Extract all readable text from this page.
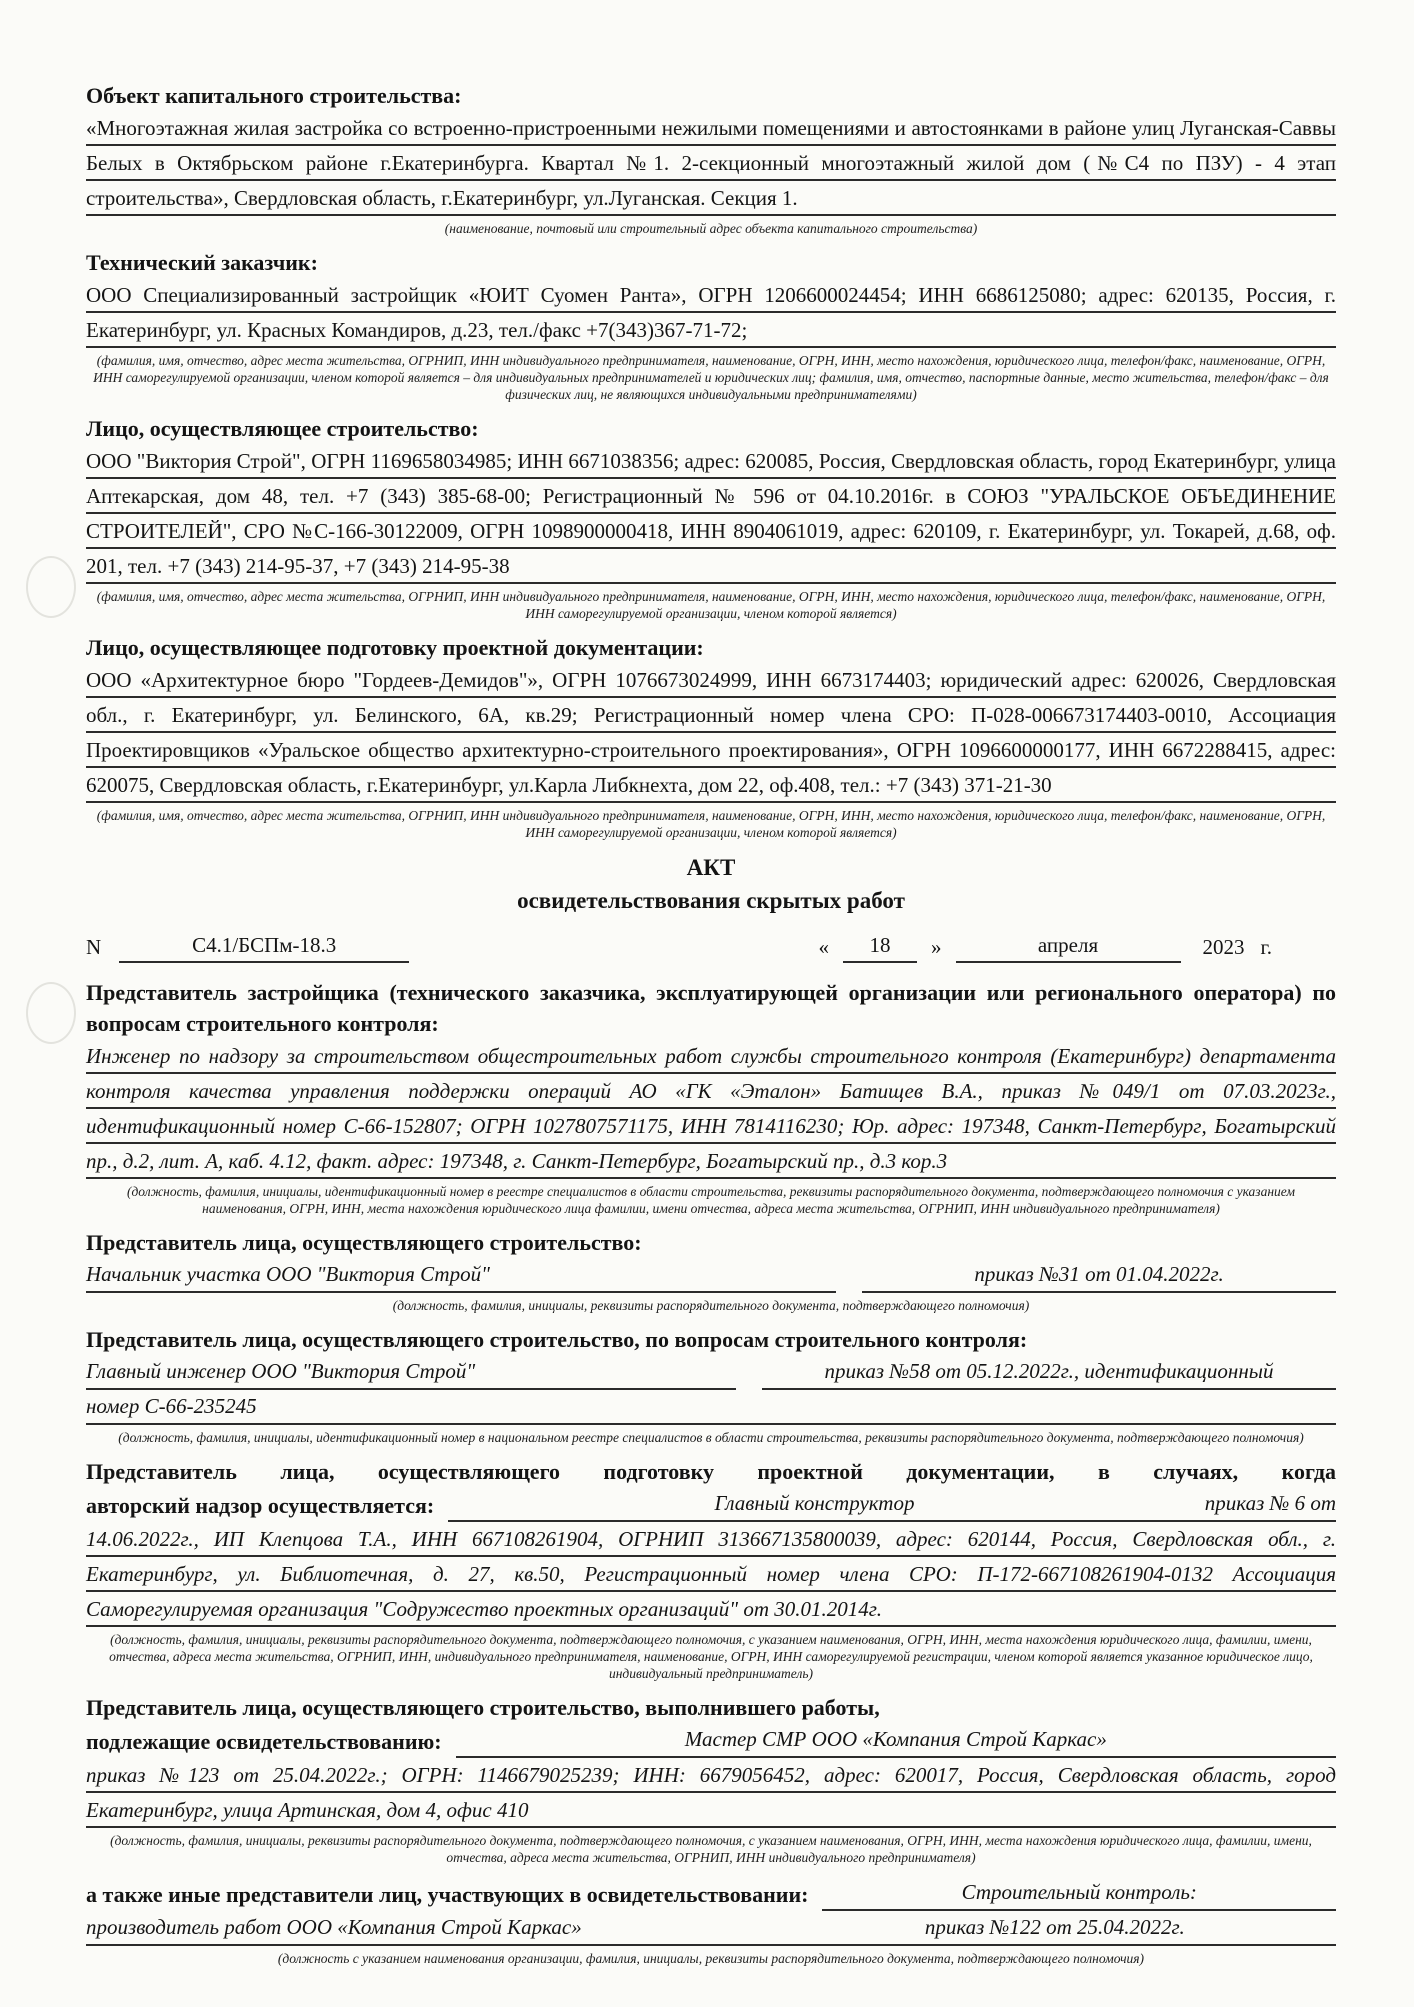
Объект капитального строительства:
«Многоэтажная жилая застройка со встроенно-пристроенными нежилыми помещениями и автостоянками в районе улиц Луганская-Саввы Белых в Октябрьском районе г.Екатеринбурга. Квартал №1. 2-секционный многоэтажный жилой дом (№С4 по ПЗУ) - 4 этап строительства», Свердловская область, г.Екатеринбург, ул.Луганская. Секция 1.
(наименование, почтовый или строительный адрес объекта капитального строительства)
Технический заказчик:
ООО Специализированный застройщик «ЮИТ Суомен Ранта», ОГРН 1206600024454; ИНН 6686125080; адрес: 620135, Россия, г. Екатеринбург, ул. Красных Командиров, д.23, тел./факс +7(343)367-71-72;
(фамилия, имя, отчество, адрес места жительства, ОГРНИП, ИНН индивидуального предпринимателя, наименование, ОГРН, ИНН, место нахождения, юридического лица, телефон/факс, наименование, ОГРН, ИНН саморегулируемой организации, членом которой является – для индивидуальных предпринимателей и юридических лиц; фамилия, имя, отчество, паспортные данные, место жительства, телефон/факс – для физических лиц, не являющихся индивидуальными предпринимателями)
Лицо, осуществляющее строительство:
ООО "Виктория Строй", ОГРН 1169658034985; ИНН 6671038356; адрес: 620085, Россия, Свердловская область, город Екатеринбург, улица Аптекарская, дом 48, тел. +7 (343) 385-68-00; Регистрационный № 596 от 04.10.2016г. в СОЮЗ "УРАЛЬСКОЕ ОБЪЕДИНЕНИЕ СТРОИТЕЛЕЙ", СРО №С-166-30122009, ОГРН 1098900000418, ИНН 8904061019, адрес: 620109, г. Екатеринбург, ул. Токарей, д.68, оф. 201, тел. +7 (343) 214-95-37, +7 (343) 214-95-38
(фамилия, имя, отчество, адрес места жительства, ОГРНИП, ИНН индивидуального предпринимателя, наименование, ОГРН, ИНН, место нахождения, юридического лица, телефон/факс, наименование, ОГРН, ИНН саморегулируемой организации, членом которой является)
Лицо, осуществляющее подготовку проектной документации:
ООО «Архитектурное бюро "Гордеев-Демидов"», ОГРН 1076673024999, ИНН 6673174403; юридический адрес: 620026, Свердловская обл., г. Екатеринбург, ул. Белинского, 6А, кв.29; Регистрационный номер члена СРО: П-028-006673174403-0010, Ассоциация Проектировщиков «Уральское общество архитектурно-строительного проектирования», ОГРН 1096600000177, ИНН 6672288415, адрес: 620075, Свердловская область, г.Екатеринбург, ул.Карла Либкнехта, дом 22, оф.408, тел.: +7 (343) 371-21-30
(фамилия, имя, отчество, адрес места жительства, ОГРНИП, ИНН индивидуального предпринимателя, наименование, ОГРН, ИНН, место нахождения, юридического лица, телефон/факс, наименование, ОГРН, ИНН саморегулируемой организации, членом которой является)
АКТ
освидетельствования скрытых работ
N	С4.1/БСПм-18.3	«	18	»	апреля	2023 г.
Представитель застройщика (технического заказчика, эксплуатирующей организации или регионального оператора) по вопросам строительного контроля:
Инженер по надзору за строительством общестроительных работ службы строительного контроля (Екатеринбург) департамента контроля качества управления поддержки операций АО «ГК «Эталон» Батищев В.А., приказ №049/1 от 07.03.2023г., идентификационный номер С-66-152807; ОГРН 1027807571175, ИНН 7814116230; Юр. адрес: 197348, Санкт-Петербург, Богатырский пр., д.2, лит. А, каб. 4.12, факт. адрес: 197348, г. Санкт-Петербург, Богатырский пр., д.3 кор.3
(должность, фамилия, инициалы, идентификационный номер в реестре специалистов в области строительства, реквизиты распорядительного документа, подтверждающего полномочия с указанием наименования, ОГРН, ИНН, места нахождения юридического лица фамилии, имени отчества, адреса места жительства, ОГРНИП, ИНН индивидуального предпринимателя)
Представитель лица, осуществляющего строительство:
Начальник участка ООО "Виктория Строй"	приказ №31 от 01.04.2022г.
(должность, фамилия, инициалы, реквизиты распорядительного документа, подтверждающего полномочия)
Представитель лица, осуществляющего строительство, по вопросам строительного контроля:
Главный инженер ООО "Виктория Строй"	приказ №58 от 05.12.2022г., идентификационный
номер С-66-235245
(должность, фамилия, инициалы, идентификационный номер в национальном реестре специалистов в области строительства, реквизиты распорядительного документа, подтверждающего полномочия)
Представитель лица, осуществляющего подготовку проектной документации, в случаях, когда
авторский надзор осуществляется:	Главный конструктор	приказ № 6 от
14.06.2022г., ИП Клепцова Т.А., ИНН 667108261904, ОГРНИП 313667135800039, адрес: 620144, Россия, Свердловская обл., г. Екатеринбург, ул. Библиотечная, д. 27, кв.50, Регистрационный номер члена СРО: П-172-667108261904-0132 Ассоциация Саморегулируемая организация "Содружество проектных организаций" от 30.01.2014г.
(должность, фамилия, инициалы, реквизиты распорядительного документа, подтверждающего полномочия, с указанием наименования, ОГРН, ИНН, места нахождения юридического лица, фамилии, имени, отчества, адреса места жительства, ОГРНИП, ИНН, индивидуального предпринимателя, наименование, ОГРН, ИНН саморегулируемой регистрации, членом которой является указанное юридическое лицо, индивидуальный предприниматель)
Представитель лица, осуществляющего строительство, выполнившего работы,
подлежащие освидетельствованию:	Мастер СМР ООО «Компания Строй Каркас»
приказ №123 от 25.04.2022г.; ОГРН: 1146679025239; ИНН: 6679056452, адрес: 620017, Россия, Свердловская область, город Екатеринбург, улица Артинская, дом 4, офис 410
(должность, фамилия, инициалы, реквизиты распорядительного документа, подтверждающего полномочия, с указанием наименования, ОГРН, ИНН, места нахождения юридического лица, фамилии, имени, отчества, адреса места жительства, ОГРНИП, ИНН индивидуального предпринимателя)
а также иные представители лиц, участвующих в освидетельствовании:	Строительный контроль:
производитель работ ООО «Компания Строй Каркас»	приказ №122 от 25.04.2022г.
(должность с указанием наименования организации, фамилия, инициалы, реквизиты распорядительного документа, подтверждающего полномочия)
